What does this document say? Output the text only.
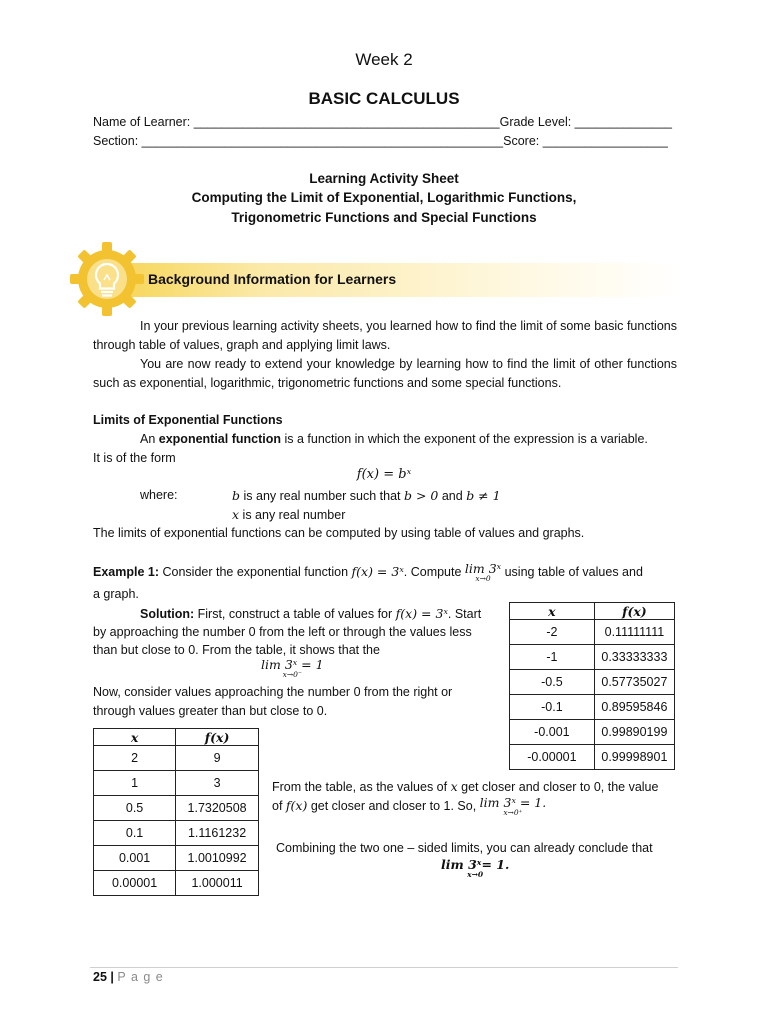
Week 2
BASIC CALCULUS
Name of Learner: ____________________________________________Grade Level: ______________
Section: ____________________________________________________Score: __________________
Learning Activity Sheet
Computing the Limit of Exponential, Logarithmic Functions,
Trigonometric Functions and Special Functions
Background Information for Learners
In your previous learning activity sheets, you learned how to find the limit of some basic functions through table of values, graph and applying limit laws.
You are now ready to extend your knowledge by learning how to find the limit of other functions such as exponential, logarithmic, trigonometric functions and some special functions.
Limits of Exponential Functions
An exponential function is a function in which the exponent of the expression is a variable.
It is of the form
f(x) = bˣ
where:	b is any real number such that b > 0 and b ≠ 1
x is any real number
The limits of exponential functions can be computed by using table of values and graphs.
Example 1: Consider the exponential function f(x) = 3ˣ. Compute lim 3ˣ
x→0 using table of values and
a graph.
Solution: First, construct a table of values for f(x) = 3ˣ. Start
by approaching the number 0 from the left or through the values less
than but close to 0. From the table, it shows that the
lim 3ˣ = 1
x→0⁻
Now, consider values approaching the number 0 from the right or
through values greater than but close to 0.
x	f(x)
-2	0.11111111
-1	0.33333333
-0.5	0.57735027
-0.1	0.89595846
-0.001	0.99890199
-0.00001	0.99998901
x	f(x)
2	9
1	3
0.5	1.7320508
0.1	1.1161232
0.001	1.0010992
0.00001	1.000011
From the table, as the values of x get closer and closer to 0, the value
of f(x) get closer and closer to 1. So, lim 3ˣ = 1.
x→0⁺
Combining the two one – sided limits, you can already conclude that
lim 3ˣ= 1.
x→0
25 | P a g e
